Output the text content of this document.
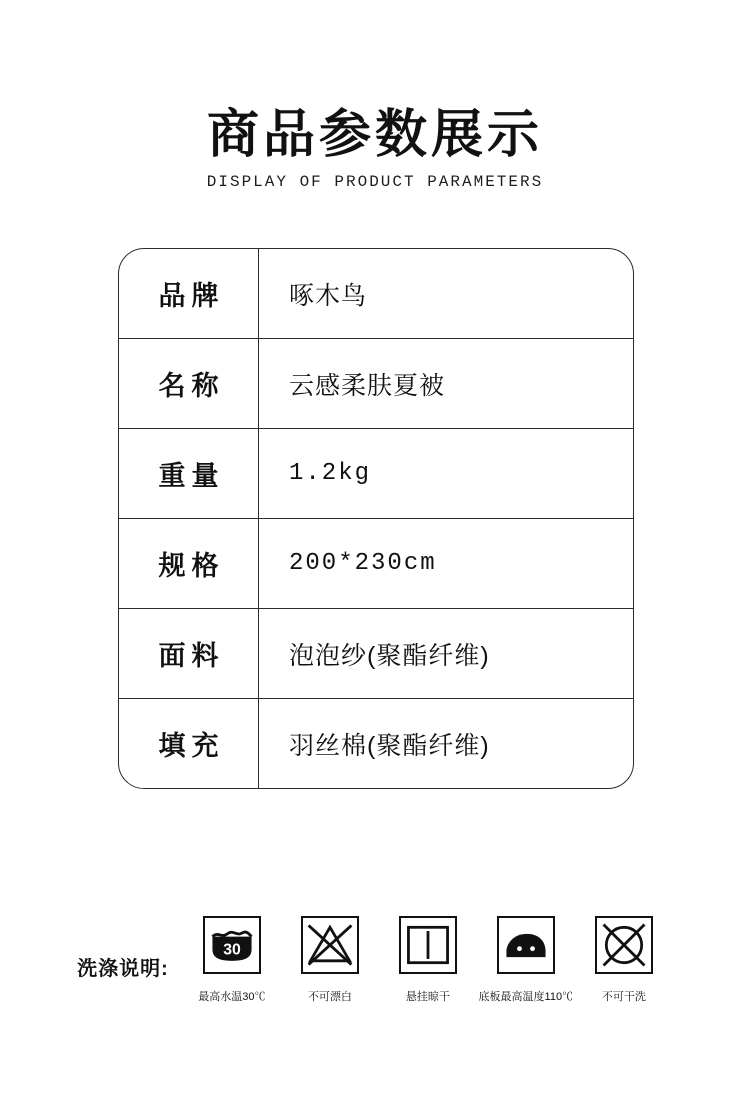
商品参数展示
DISPLAY OF PRODUCT PARAMETERS
品牌	啄木鸟
名称	云感柔肤夏被
重量	1.2kg
规格	200*230cm
面料	泡泡纱(聚酯纤维)
填充	羽丝棉(聚酯纤维)
洗涤说明:
30
最高水温30℃	不可漂白	悬挂晾干	底板最高温度110℃	不可干洗
